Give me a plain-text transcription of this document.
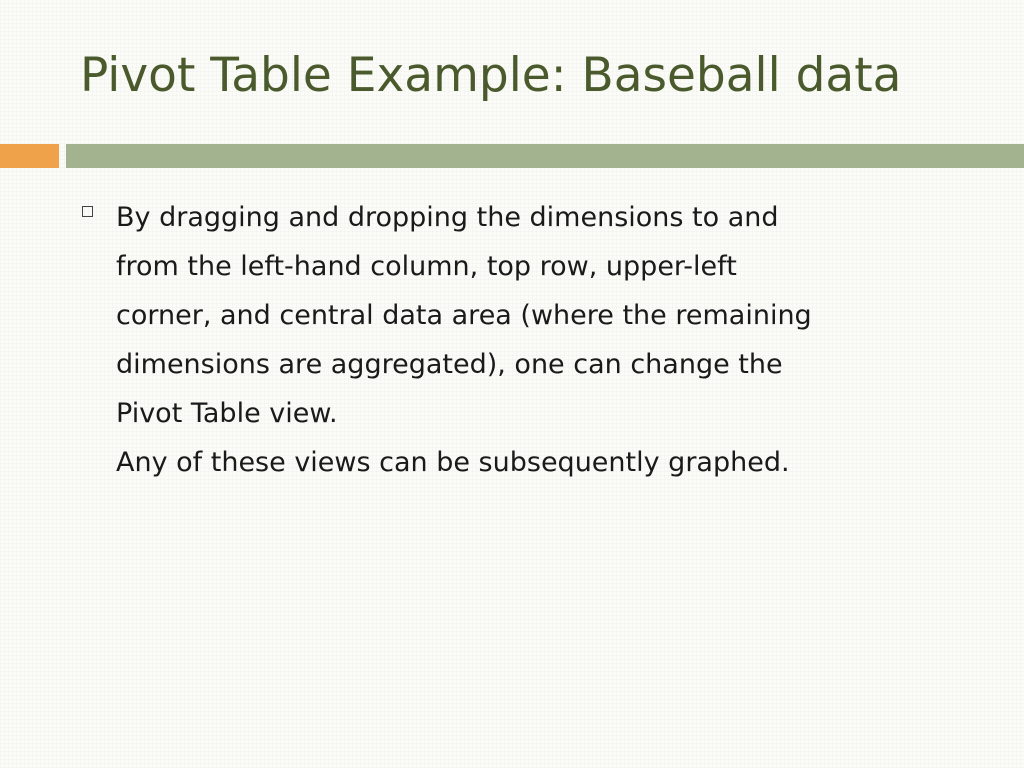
Pivot Table Example: Baseball data
By dragging and dropping the dimensions to and
from the left-hand column, top row, upper-left
corner, and central data area (where the remaining
dimensions are aggregated), one can change the
Pivot Table view.
Any of these views can be subsequently graphed.
